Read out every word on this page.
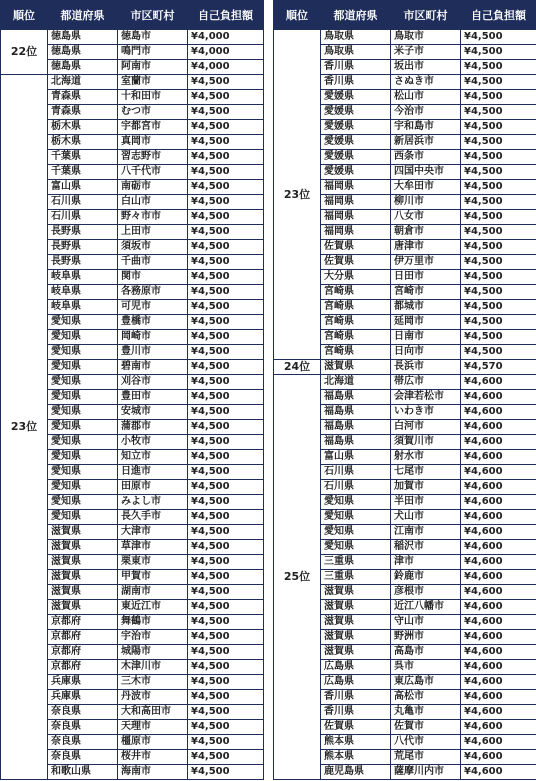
順位	都道府県	市区町村	自己負担額
22位	徳島県	徳島市	¥4,000
	徳島県	鳴門市	¥4,000
	徳島県	阿南市	¥4,000
23位	北海道	室蘭市	¥4,500
	青森県	十和田市	¥4,500
	青森県	むつ市	¥4,500
	栃木県	宇都宮市	¥4,500
	栃木県	真岡市	¥4,500
	千葉県	習志野市	¥4,500
	千葉県	八千代市	¥4,500
	富山県	南砺市	¥4,500
	石川県	白山市	¥4,500
	石川県	野々市市	¥4,500
	長野県	上田市	¥4,500
	長野県	須坂市	¥4,500
	長野県	千曲市	¥4,500
	岐阜県	関市	¥4,500
	岐阜県	各務原市	¥4,500
	岐阜県	可児市	¥4,500
	愛知県	豊橋市	¥4,500
	愛知県	岡崎市	¥4,500
	愛知県	豊川市	¥4,500
	愛知県	碧南市	¥4,500
	愛知県	刈谷市	¥4,500
	愛知県	豊田市	¥4,500
	愛知県	安城市	¥4,500
	愛知県	蒲郡市	¥4,500
	愛知県	小牧市	¥4,500
	愛知県	知立市	¥4,500
	愛知県	日進市	¥4,500
	愛知県	田原市	¥4,500
	愛知県	みよし市	¥4,500
	愛知県	長久手市	¥4,500
	滋賀県	大津市	¥4,500
	滋賀県	草津市	¥4,500
	滋賀県	栗東市	¥4,500
	滋賀県	甲賀市	¥4,500
	滋賀県	湖南市	¥4,500
	滋賀県	東近江市	¥4,500
	京都府	舞鶴市	¥4,500
	京都府	宇治市	¥4,500
	京都府	城陽市	¥4,500
	京都府	木津川市	¥4,500
	兵庫県	三木市	¥4,500
	兵庫県	丹波市	¥4,500
	奈良県	大和高田市	¥4,500
	奈良県	天理市	¥4,500
	奈良県	橿原市	¥4,500
	奈良県	桜井市	¥4,500
	和歌山県	海南市	¥4,500
順位	都道府県	市区町村	自己負担額
23位	鳥取県	鳥取市	¥4,500
	鳥取県	米子市	¥4,500
	香川県	坂出市	¥4,500
	香川県	さぬき市	¥4,500
	愛媛県	松山市	¥4,500
	愛媛県	今治市	¥4,500
	愛媛県	宇和島市	¥4,500
	愛媛県	新居浜市	¥4,500
	愛媛県	西条市	¥4,500
	愛媛県	四国中央市	¥4,500
	福岡県	大牟田市	¥4,500
	福岡県	柳川市	¥4,500
	福岡県	八女市	¥4,500
	福岡県	朝倉市	¥4,500
	佐賀県	唐津市	¥4,500
	佐賀県	伊万里市	¥4,500
	大分県	日田市	¥4,500
	宮崎県	宮崎市	¥4,500
	宮崎県	都城市	¥4,500
	宮崎県	延岡市	¥4,500
	宮崎県	日南市	¥4,500
	宮崎県	日向市	¥4,500
24位	滋賀県	長浜市	¥4,570
25位	北海道	帯広市	¥4,600
	福島県	会津若松市	¥4,600
	福島県	いわき市	¥4,600
	福島県	白河市	¥4,600
	福島県	須賀川市	¥4,600
	富山県	射水市	¥4,600
	石川県	七尾市	¥4,600
	石川県	加賀市	¥4,600
	愛知県	半田市	¥4,600
	愛知県	犬山市	¥4,600
	愛知県	江南市	¥4,600
	愛知県	稲沢市	¥4,600
	三重県	津市	¥4,600
	三重県	鈴鹿市	¥4,600
	滋賀県	彦根市	¥4,600
	滋賀県	近江八幡市	¥4,600
	滋賀県	守山市	¥4,600
	滋賀県	野洲市	¥4,600
	滋賀県	高島市	¥4,600
	広島県	呉市	¥4,600
	広島県	東広島市	¥4,600
	香川県	高松市	¥4,600
	香川県	丸亀市	¥4,600
	佐賀県	佐賀市	¥4,600
	熊本県	八代市	¥4,600
	熊本県	荒尾市	¥4,600
	鹿児島県	薩摩川内市	¥4,600
